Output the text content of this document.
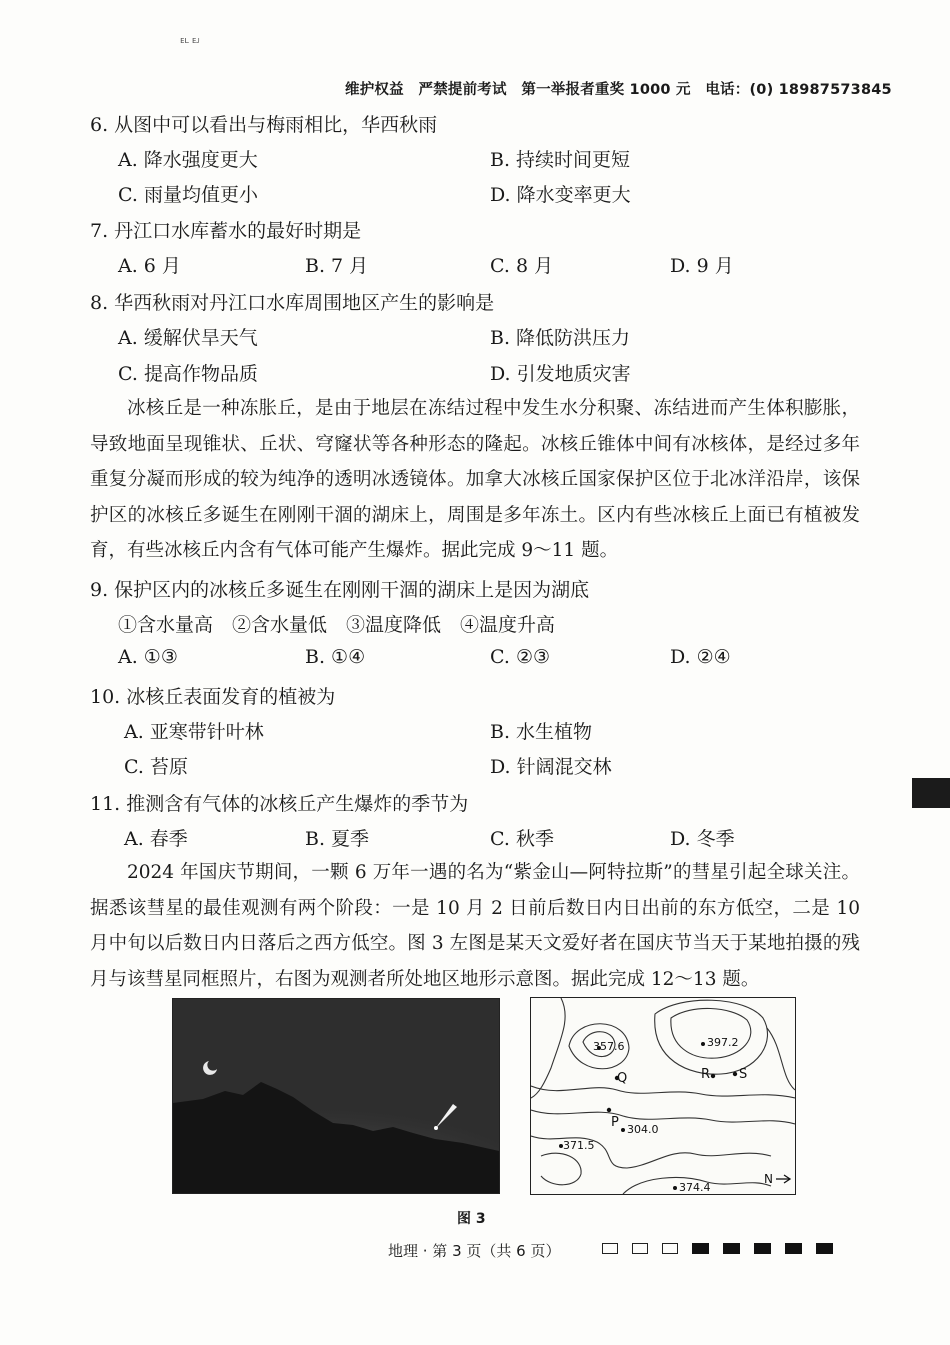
ᴇʟ ᴇᴊ
维护权益　严禁提前考试　第一举报者重奖 1000 元　电话：(0) 18987573845
6. 从图中可以看出与梅雨相比，华西秋雨
A. 降水强度更大	B. 持续时间更短
C. 雨量均值更小	D. 降水变率更大
7. 丹江口水库蓄水的最好时期是
A. 6 月	B. 7 月	C. 8 月	D. 9 月
8. 华西秋雨对丹江口水库周围地区产生的影响是
A. 缓解伏旱天气	B. 降低防洪压力
C. 提高作物品质	D. 引发地质灾害
冰核丘是一种冻胀丘，是由于地层在冻结过程中发生水分积聚、冻结进而产生体积膨胀，导致地面呈现锥状、丘状、穹窿状等各种形态的隆起。冰核丘锥体中间有冰核体，是经过多年重复分凝而形成的较为纯净的透明冰透镜体。加拿大冰核丘国家保护区位于北冰洋沿岸，该保护区的冰核丘多诞生在刚刚干涸的湖床上，周围是多年冻土。区内有些冰核丘上面已有植被发育，有些冰核丘内含有气体可能产生爆炸。据此完成 9～11 题。
9. 保护区内的冰核丘多诞生在刚刚干涸的湖床上是因为湖底
①含水量高　②含水量低　③温度降低　④温度升高
A. ①③	B. ①④	C. ②③	D. ②④
10. 冰核丘表面发育的植被为
A. 亚寒带针叶林	B. 水生植物
C. 苔原	D. 针阔混交林
11. 推测含有气体的冰核丘产生爆炸的季节为
A. 春季	B. 夏季	C. 秋季	D. 冬季
2024 年国庆节期间，一颗 6 万年一遇的名为“紫金山—阿特拉斯”的彗星引起全球关注。据悉该彗星的最佳观测有两个阶段：一是 10 月 2 日前后数日内日出前的东方低空，二是 10 月中旬以后数日内日落后之西方低空。图 3 左图是某天文爱好者在国庆节当天于某地拍摄的残月与该彗星同框照片，右图为观测者所处地区地形示意图。据此完成 12～13 题。
357.6	397.2
304.0
371.5
374.4
Q
P
R S
N
图 3
地理 · 第 3 页（共 6 页）
